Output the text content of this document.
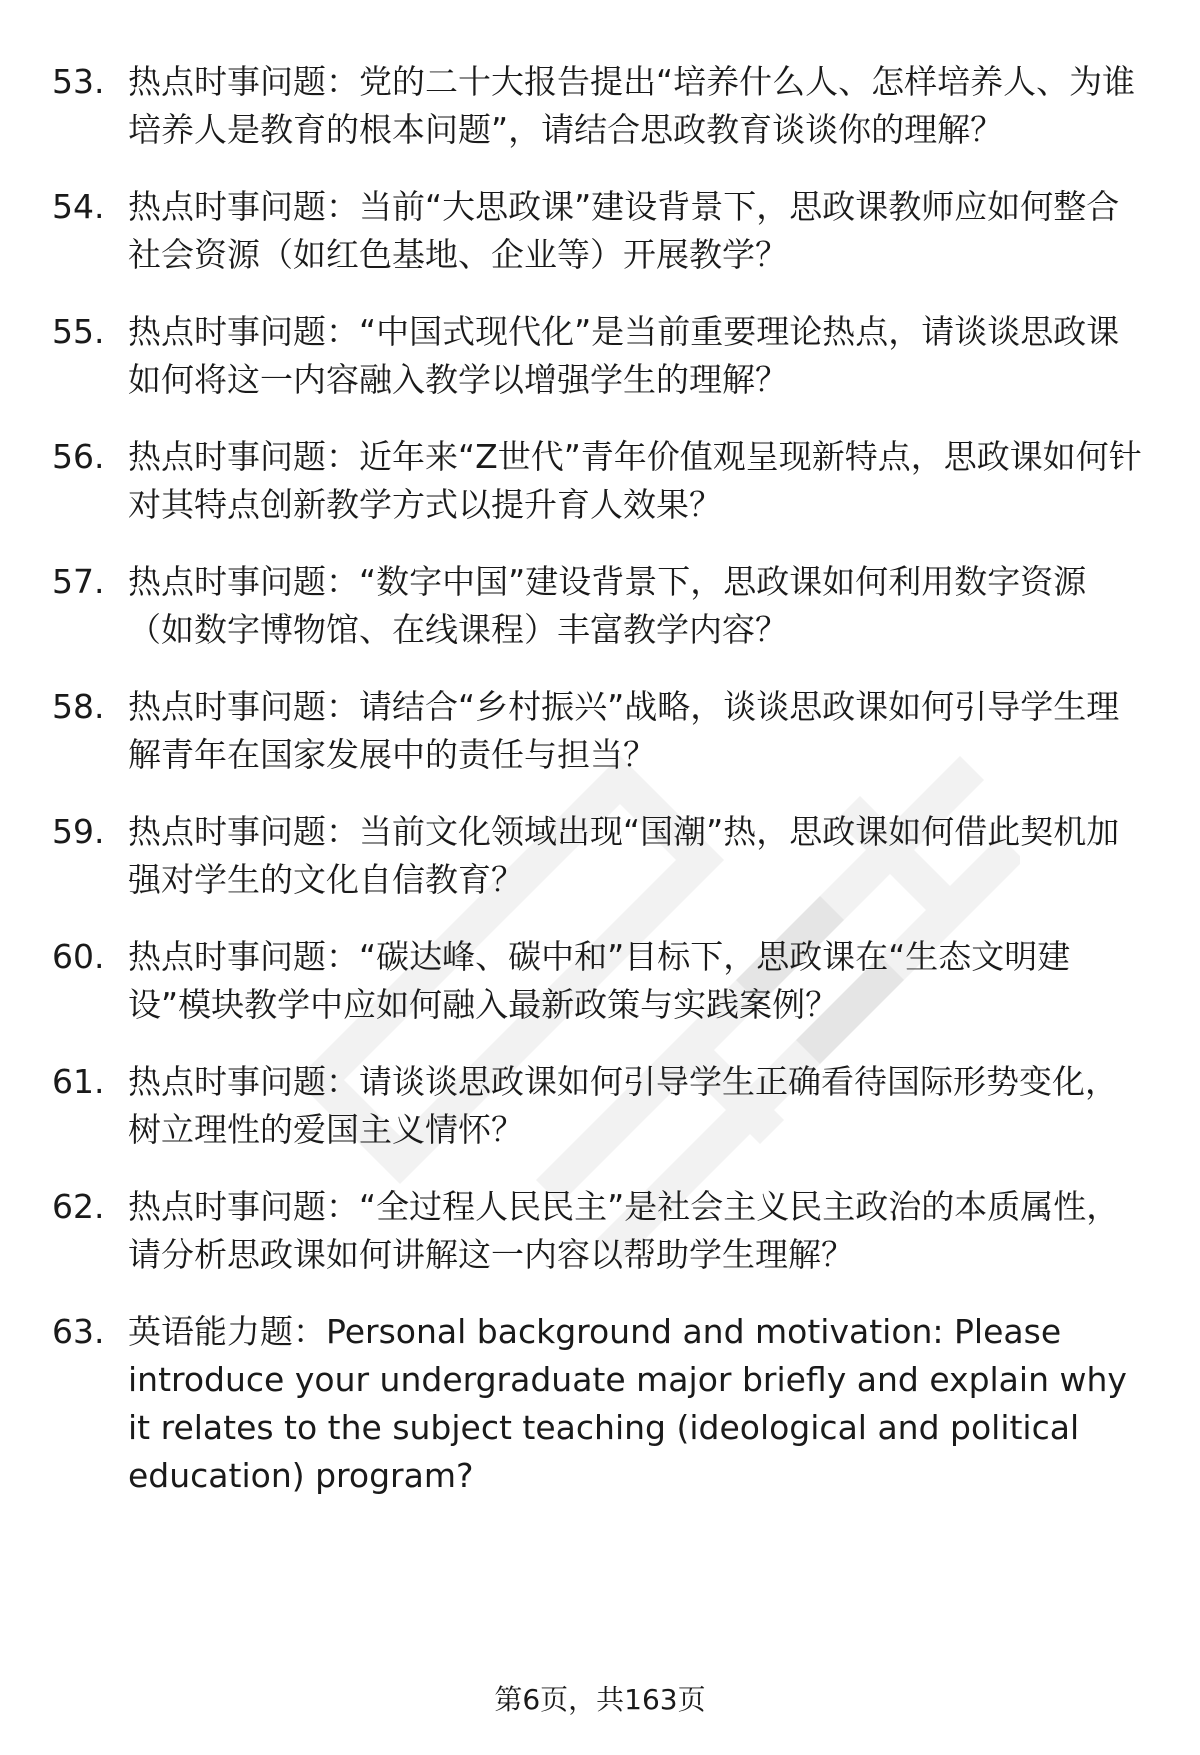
53. 热点时事问题：党的二十大报告提出“培养什么人、怎样培养人、为谁培养人是教育的根本问题”，请结合思政教育谈谈你的理解？
54. 热点时事问题：当前“大思政课”建设背景下，思政课教师应如何整合社会资源（如红色基地、企业等）开展教学？
55. 热点时事问题：“中国式现代化”是当前重要理论热点，请谈谈思政课如何将这一内容融入教学以增强学生的理解？
56. 热点时事问题：近年来“Z世代”青年价值观呈现新特点，思政课如何针对其特点创新教学方式以提升育人效果？
57. 热点时事问题：“数字中国”建设背景下，思政课如何利用数字资源（如数字博物馆、在线课程）丰富教学内容？
58. 热点时事问题：请结合“乡村振兴”战略，谈谈思政课如何引导学生理解青年在国家发展中的责任与担当？
59. 热点时事问题：当前文化领域出现“国潮”热，思政课如何借此契机加强对学生的文化自信教育？
60. 热点时事问题：“碳达峰、碳中和”目标下，思政课在“生态文明建设”模块教学中应如何融入最新政策与实践案例？
61. 热点时事问题：请谈谈思政课如何引导学生正确看待国际形势变化，树立理性的爱国主义情怀？
62. 热点时事问题：“全过程人民民主”是社会主义民主政治的本质属性，请分析思政课如何讲解这一内容以帮助学生理解？
63. 英语能力题：Personal background and motivation: Please introduce your undergraduate major briefly and explain why it relates to the subject teaching (ideological and political education) program?
第6页，共163页
